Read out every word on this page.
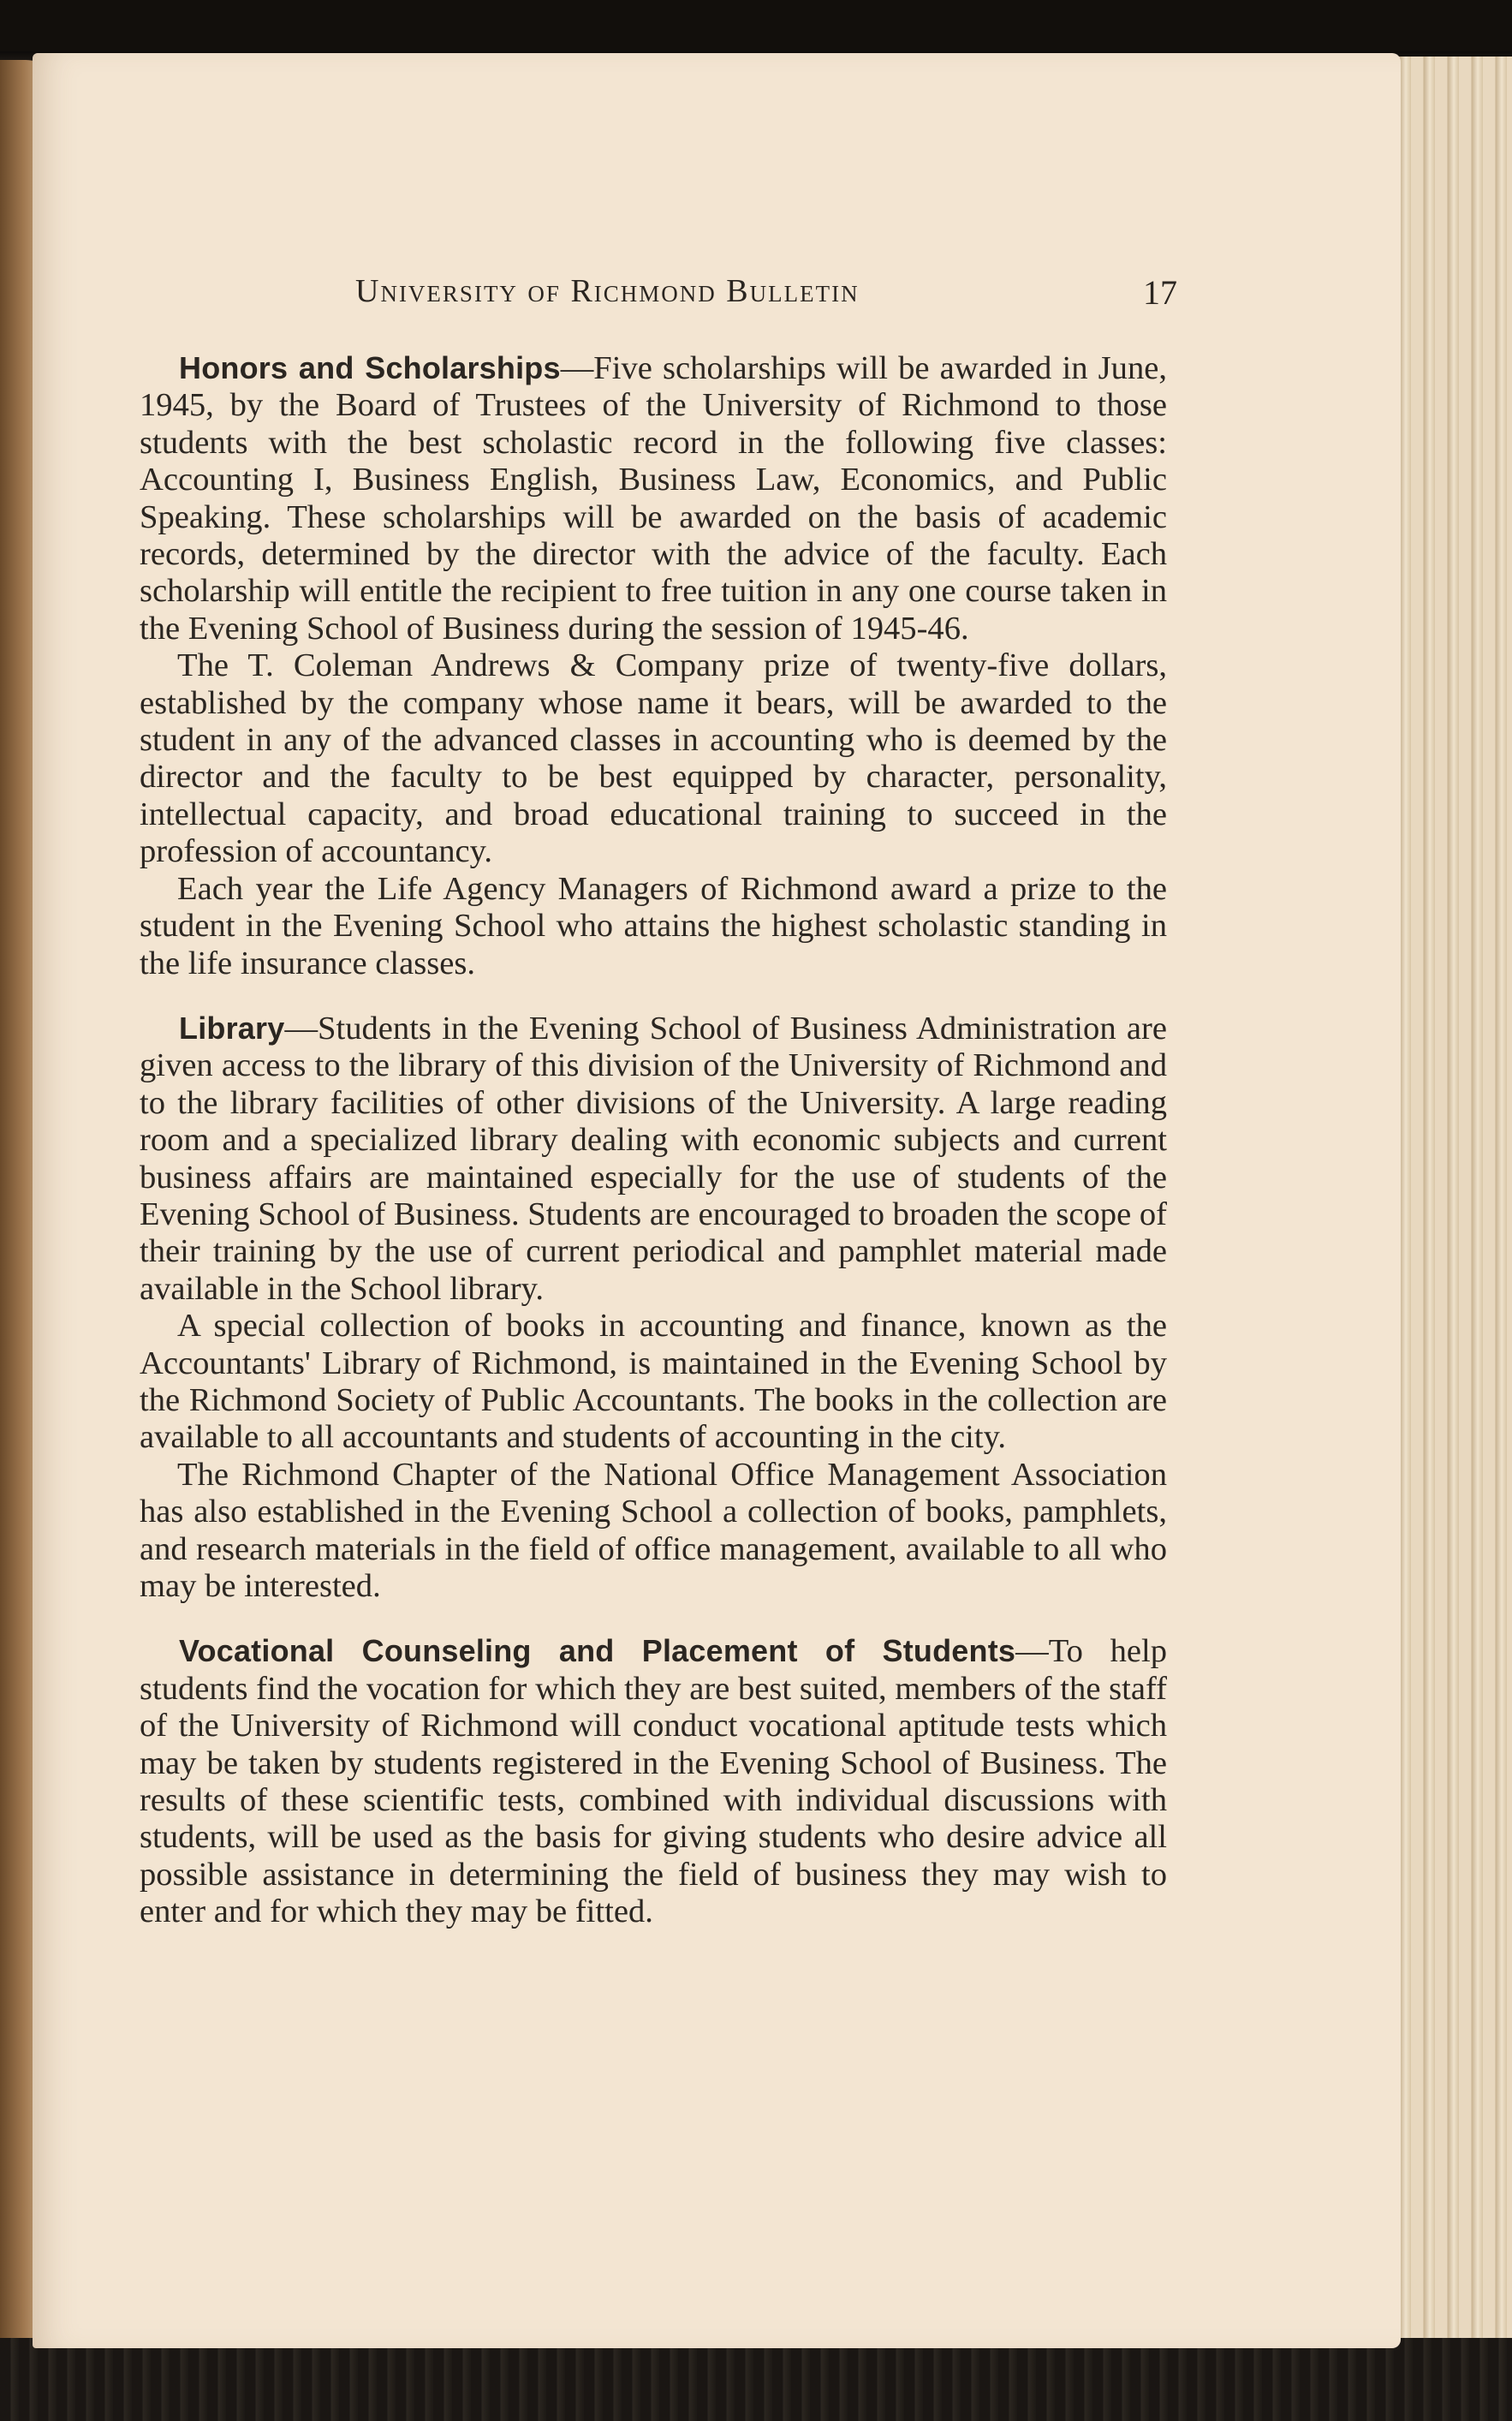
University of Richmond Bulletin	17

Honors and Scholarships—Five scholarships will be awarded in June, 1945, by the Board of Trustees of the University of Richmond to those students with the best scholastic record in the following five classes: Accounting I, Business English, Business Law, Economics, and Public Speaking. These scholarships will be awarded on the basis of academic records, determined by the director with the advice of the faculty. Each scholarship will entitle the recipient to free tuition in any one course taken in the Evening School of Business during the session of 1945-46.

The T. Coleman Andrews & Company prize of twenty-five dollars, established by the company whose name it bears, will be awarded to the student in any of the advanced classes in accounting who is deemed by the director and the faculty to be best equipped by character, personality, intellectual capacity, and broad educational training to succeed in the profession of accountancy.

Each year the Life Agency Managers of Richmond award a prize to the student in the Evening School who attains the highest scholastic standing in the life insurance classes.

Library—Students in the Evening School of Business Administration are given access to the library of this division of the University of Richmond and to the library facilities of other divisions of the University. A large reading room and a specialized library dealing with economic subjects and current business affairs are maintained especially for the use of students of the Evening School of Business. Students are encouraged to broaden the scope of their training by the use of current periodical and pamphlet material made available in the School library.

A special collection of books in accounting and finance, known as the Accountants' Library of Richmond, is maintained in the Evening School by the Richmond Society of Public Accountants. The books in the collection are available to all accountants and students of accounting in the city.

The Richmond Chapter of the National Office Management Association has also established in the Evening School a collection of books, pamphlets, and research materials in the field of office management, available to all who may be interested.

Vocational Counseling and Placement of Students—To help students find the vocation for which they are best suited, members of the staff of the University of Richmond will conduct vocational aptitude tests which may be taken by students registered in the Evening School of Business. The results of these scientific tests, combined with individual discussions with students, will be used as the basis for giving students who desire advice all possible assistance in determining the field of business they may wish to enter and for which they may be fitted.
